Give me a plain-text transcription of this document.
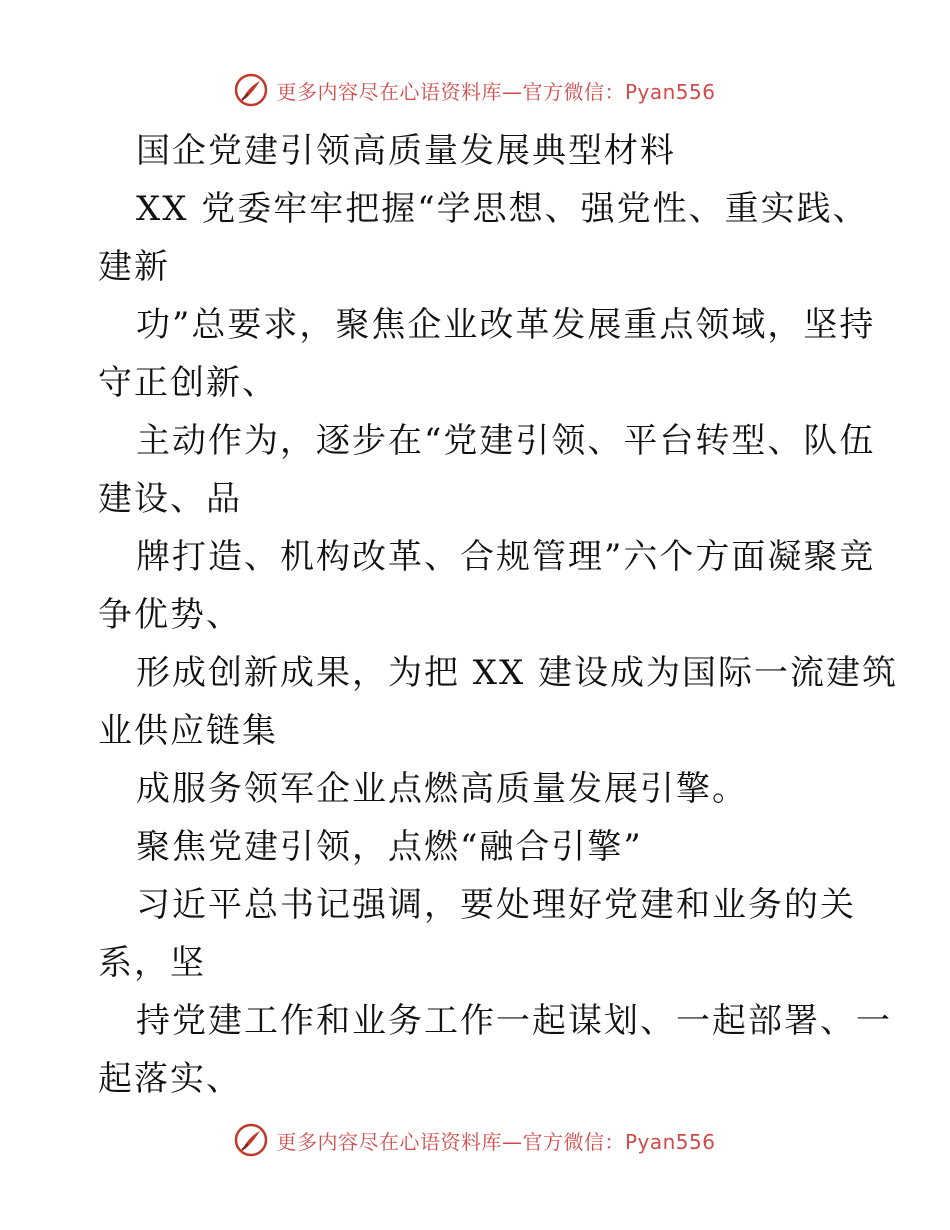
更多内容尽在心语资料库—官方微信：Pyan556
国企党建引领高质量发展典型材料
XX 党委牢牢把握“学思想、强党性、重实践、
建新
功”总要求，聚焦企业改革发展重点领域，坚持
守正创新、
主动作为，逐步在“党建引领、平台转型、队伍
建设、品
牌打造、机构改革、合规管理”六个方面凝聚竞
争优势、
形成创新成果，为把 XX 建设成为国际一流建筑
业供应链集
成服务领军企业点燃高质量发展引擎。
聚焦党建引领，点燃“融合引擎”
习近平总书记强调，要处理好党建和业务的关
系，坚
持党建工作和业务工作一起谋划、一起部署、一
起落实、
更多内容尽在心语资料库—官方微信：Pyan556
